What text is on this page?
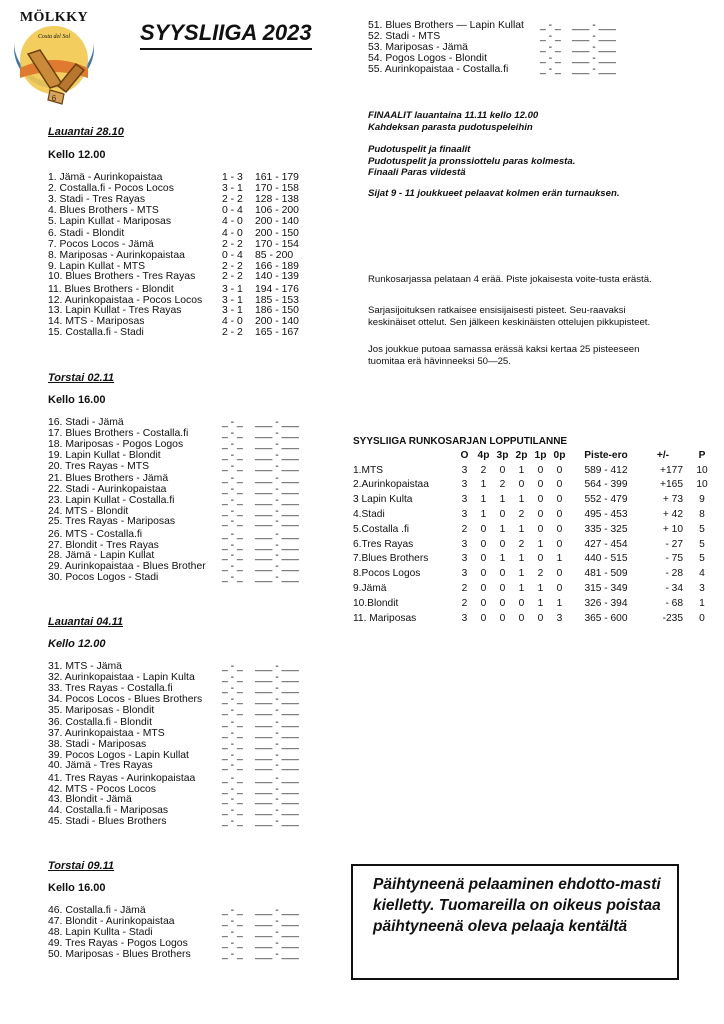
6
MÖLKKY
Costa del Sol	SYYSLIIGA 2023
Lauantai 28.10
Kello 12.00
Torstai 02.11
Kello 16.00
Lauantai 04.11
Kello 12.00
Torstai 09.11
Kello 16.00
1. Jämä - Aurinkopaistaa	1 - 3 161 - 179
2. Costalla.fi - Pocos Locos	3 - 1 170 - 158
3. Stadi - Tres Rayas	2 - 2 128 - 138
4. Blues Brothers - MTS	0 - 4 106 - 200
5. Lapin Kullat - Mariposas	4 - 0 200 - 140
6. Stadi - Blondit	4 - 0 200 - 150
7. Pocos Locos - Jämä	2 - 2 170 - 154
8. Mariposas - Aurinkopaistaa	0 - 4 85 - 200
9. Lapin Kullat - MTS	2 - 2 166 - 189
10. Blues Brothers - Tres Rayas	2 - 2 140 - 139
11. Blues Brothers - Blondit	3 - 1 194 - 176
12. Aurinkopaistaa - Pocos Locos 3 - 1 185 - 153
13. Lapin Kullat - Tres Rayas	3 - 1 186 - 150
14. MTS - Mariposas	4 - 0 200 - 140
15. Costalla.fi - Stadi	2 - 2 165 - 167
16. Stadi - Jämä	_ - _ ___ - ___
17. Blues Brothers - Costalla.fi	_ - _ ___ - ___
18. Mariposas - Pogos Logos	_ - _ ___ - ___
19. Lapin Kullat - Blondit	_ - _ ___ - ___
20. Tres Rayas - MTS	_ - _ ___ - ___
21. Blues Brothers - Jämä	_ - _ ___ - ___
22. Stadi - Aurinkopaistaa	_ - _ ___ - ___
23. Lapin Kullat - Costalla.fi	_ - _ ___ - ___
24. MTS - Blondit	_ - _ ___ - ___
25. Tres Rayas - Mariposas	_ - _ ___ - ___
26. MTS - Costalla.fi	_ - _ ___ - ___
27. Blondit - Tres Rayas	_ - _ ___ - ___
28. Jämä - Lapin Kullat	_ - _ ___ - ___
29. Aurinkopaistaa - Blues Brother _ - _ ___ - ___
30. Pocos Logos - Stadi	_ - _ ___ - ___
31. MTS - Jämä	_ - _ ___ - ___
32. Aurinkopaistaa - Lapin Kulta	_ - _ ___ - ___
33. Tres Rayas - Costalla.fi	_ - _ ___ - ___
34. Pocos Locos - Blues Brothers _ - _ ___ - ___
35. Mariposas - Blondit	_ - _ ___ - ___
36. Costalla.fi - Blondit	_ - _ ___ - ___
37. Aurinkopaistaa - MTS	_ - _ ___ - ___
38. Stadi - Mariposas	_ - _ ___ - ___
39. Pocos Logos - Lapin Kullat	_ - _ ___ - ___
40. Jämä - Tres Rayas	_ - _ ___ - ___
41. Tres Rayas - Aurinkopaistaa	_ - _ ___ - ___
42. MTS - Pocos Locos	_ - _ ___ - ___
43. Blondit - Jämä	_ - _ ___ - ___
44. Costalla.fi - Mariposas	_ - _ ___ - ___
45. Stadi - Blues Brothers	_ - _ ___ - ___
46. Costalla.fi - Jämä	_ - _ ___ - ___
47. Blondit - Aurinkopaistaa	_ - _ ___ - ___
48. Lapin Kullta - Stadi	_ - _ ___ - ___
49. Tres Rayas - Pogos Logos	_ - _ ___ - ___
50. Mariposas - Blues Brothers	_ - _ ___ - ___
51. Blues Brothers — Lapin Kullat _ - _ ___ - ___
52. Stadi - MTS	_ - _ ___ - ___
53. Mariposas - Jämä	_ - _ ___ - ___
54. Pogos Logos - Blondit	_ - _ ___ - ___
55. Aurinkopaistaa - Costalla.fi	_ - _ ___ - ___
FINAALIT lauantaina 11.11 kello 12.00
Kahdeksan parasta pudotuspeleihin
Pudotuspelit ja finaalit
Pudotuspelit ja pronssiottelu paras kolmesta.
Finaali Paras viidestä
Sijat 9 - 11 joukkueet pelaavat kolmen erän turnauksen.
Runkosarjassa pelataan 4 erää. Piste jokaisesta voite-tusta erästä.
Sarjasijoituksen ratkaisee ensisijaisesti pisteet. Seu-raavaksi keskinäiset ottelut. Sen jälkeen keskinäisten ottelujen pikkupisteet.
Jos joukkue putoaa samassa erässä kaksi kertaa 25 pisteeseen tuomitaa erä hävinneeksi 50—25.
SYYSLIIGA RUNKOSARJAN LOPPUTILANNE
	O	4p	3p	2p	1p	0p	Piste-ero	+/-	P
1.MTS	3	2	0	1	0	0	589 - 412	+177	10
2.Aurinkopaistaa	3	1	2	0	0	0	564 - 399	+165	10
3 Lapin Kulta	3	1	1	1	0	0	552 - 479	+ 73	9
4.Stadi	3	1	0	2	0	0	495 - 453	+ 42	8
5.Costalla .fi	2	0	1	1	0	0	335 - 325	+ 10	5
6.Tres Rayas	3	0	0	2	1	0	427 - 454	- 27	5
7.Blues Brothers	3	0	1	1	0	1	440 - 515	- 75	5
8.Pocos Logos	3	0	0	1	2	0	481 - 509	- 28	4
9.Jämä	2	0	0	1	1	0	315 - 349	- 34	3
10.Blondit	2	0	0	0	1	1	326 - 394	- 68	1
11. Mariposas	3	0	0	0	0	3	365 - 600	-235	0
Päihtyneenä pelaaminen ehdotto-masti kielletty. Tuomareilla on oikeus poistaa päihtyneenä oleva pelaaja kentältä
